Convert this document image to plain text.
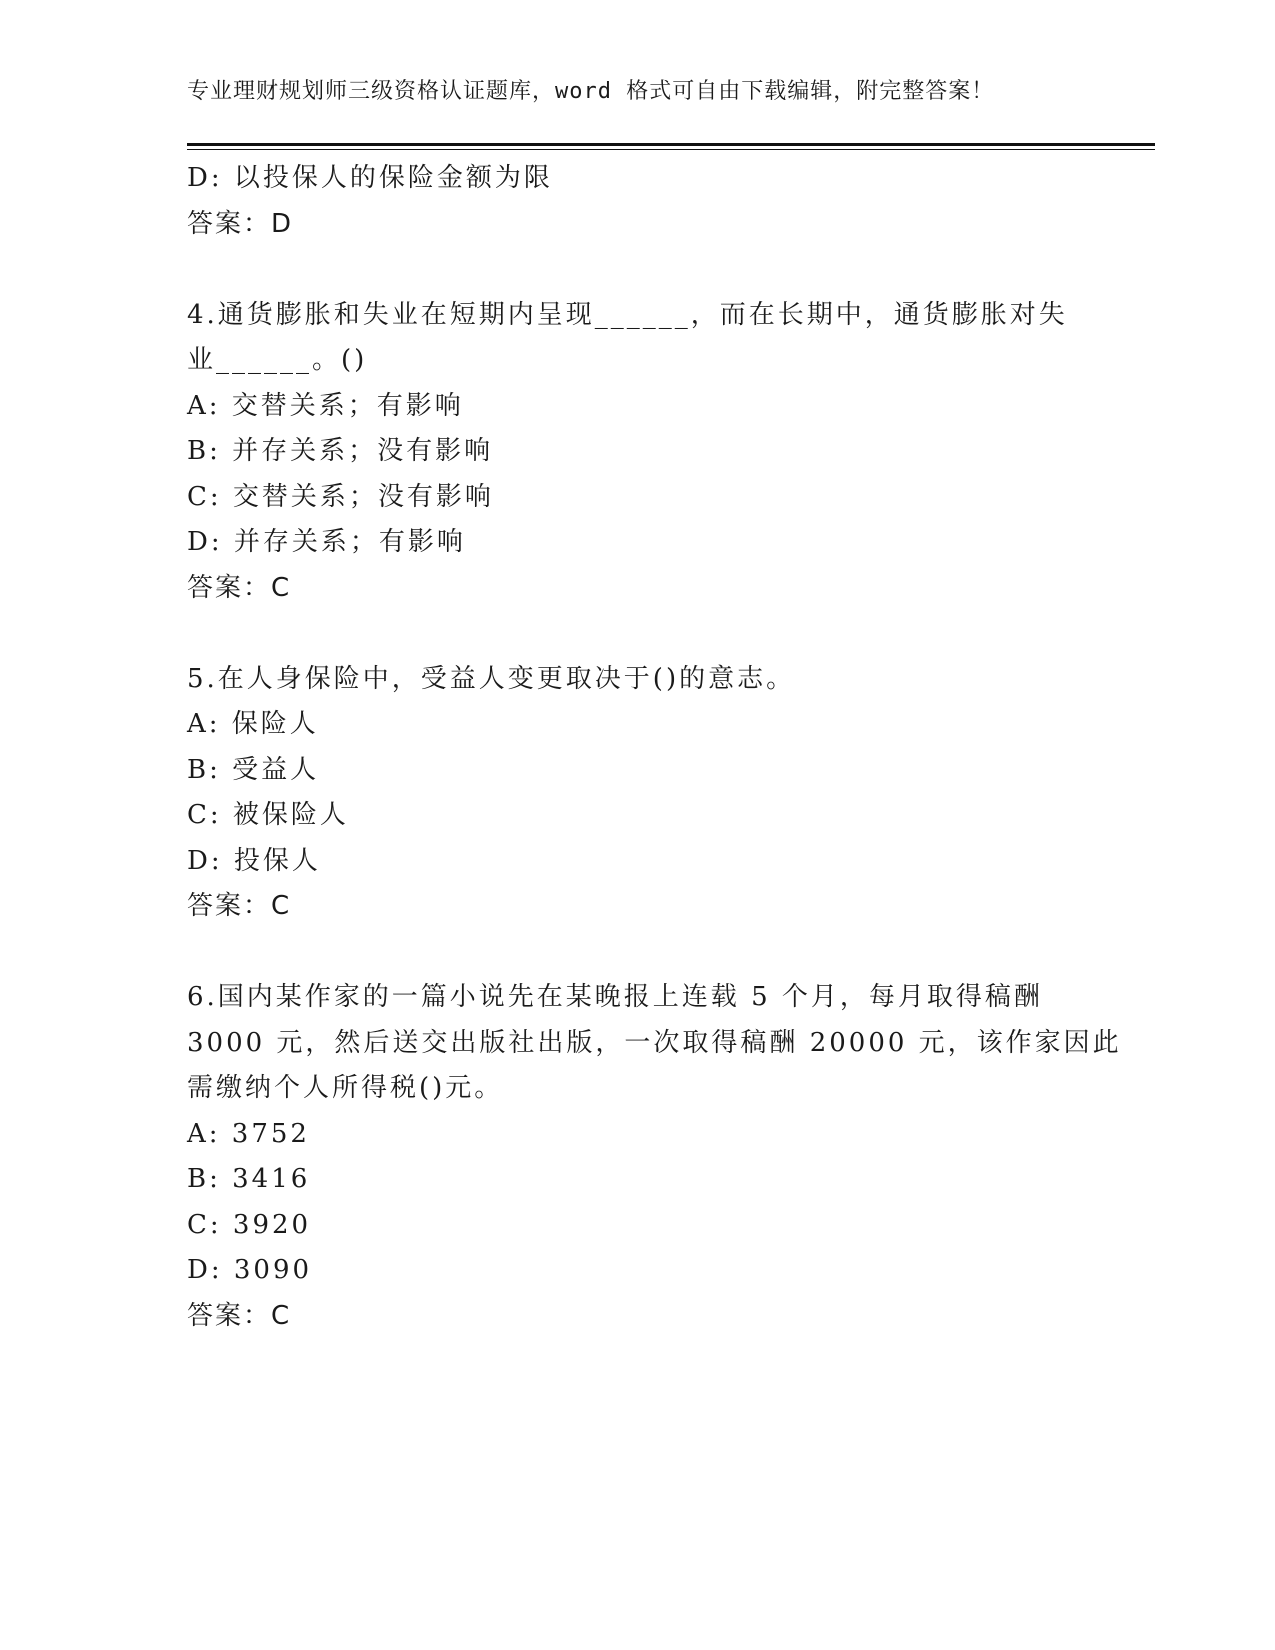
专业理财规划师三级资格认证题库，word 格式可自由下载编辑，附完整答案！
D: 以投保人的保险金额为限
答案：D
4.通货膨胀和失业在短期内呈现______，而在长期中，通货膨胀对失
业______。()
A: 交替关系；有影响
B: 并存关系；没有影响
C: 交替关系；没有影响
D: 并存关系；有影响
答案：C
5.在人身保险中，受益人变更取决于()的意志。
A: 保险人
B: 受益人
C: 被保险人
D: 投保人
答案：C
6.国内某作家的一篇小说先在某晚报上连载 5 个月，每月取得稿酬
3000 元，然后送交出版社出版，一次取得稿酬 20000 元，该作家因此
需缴纳个人所得税()元。
A: 3752
B: 3416
C: 3920
D: 3090
答案：C
